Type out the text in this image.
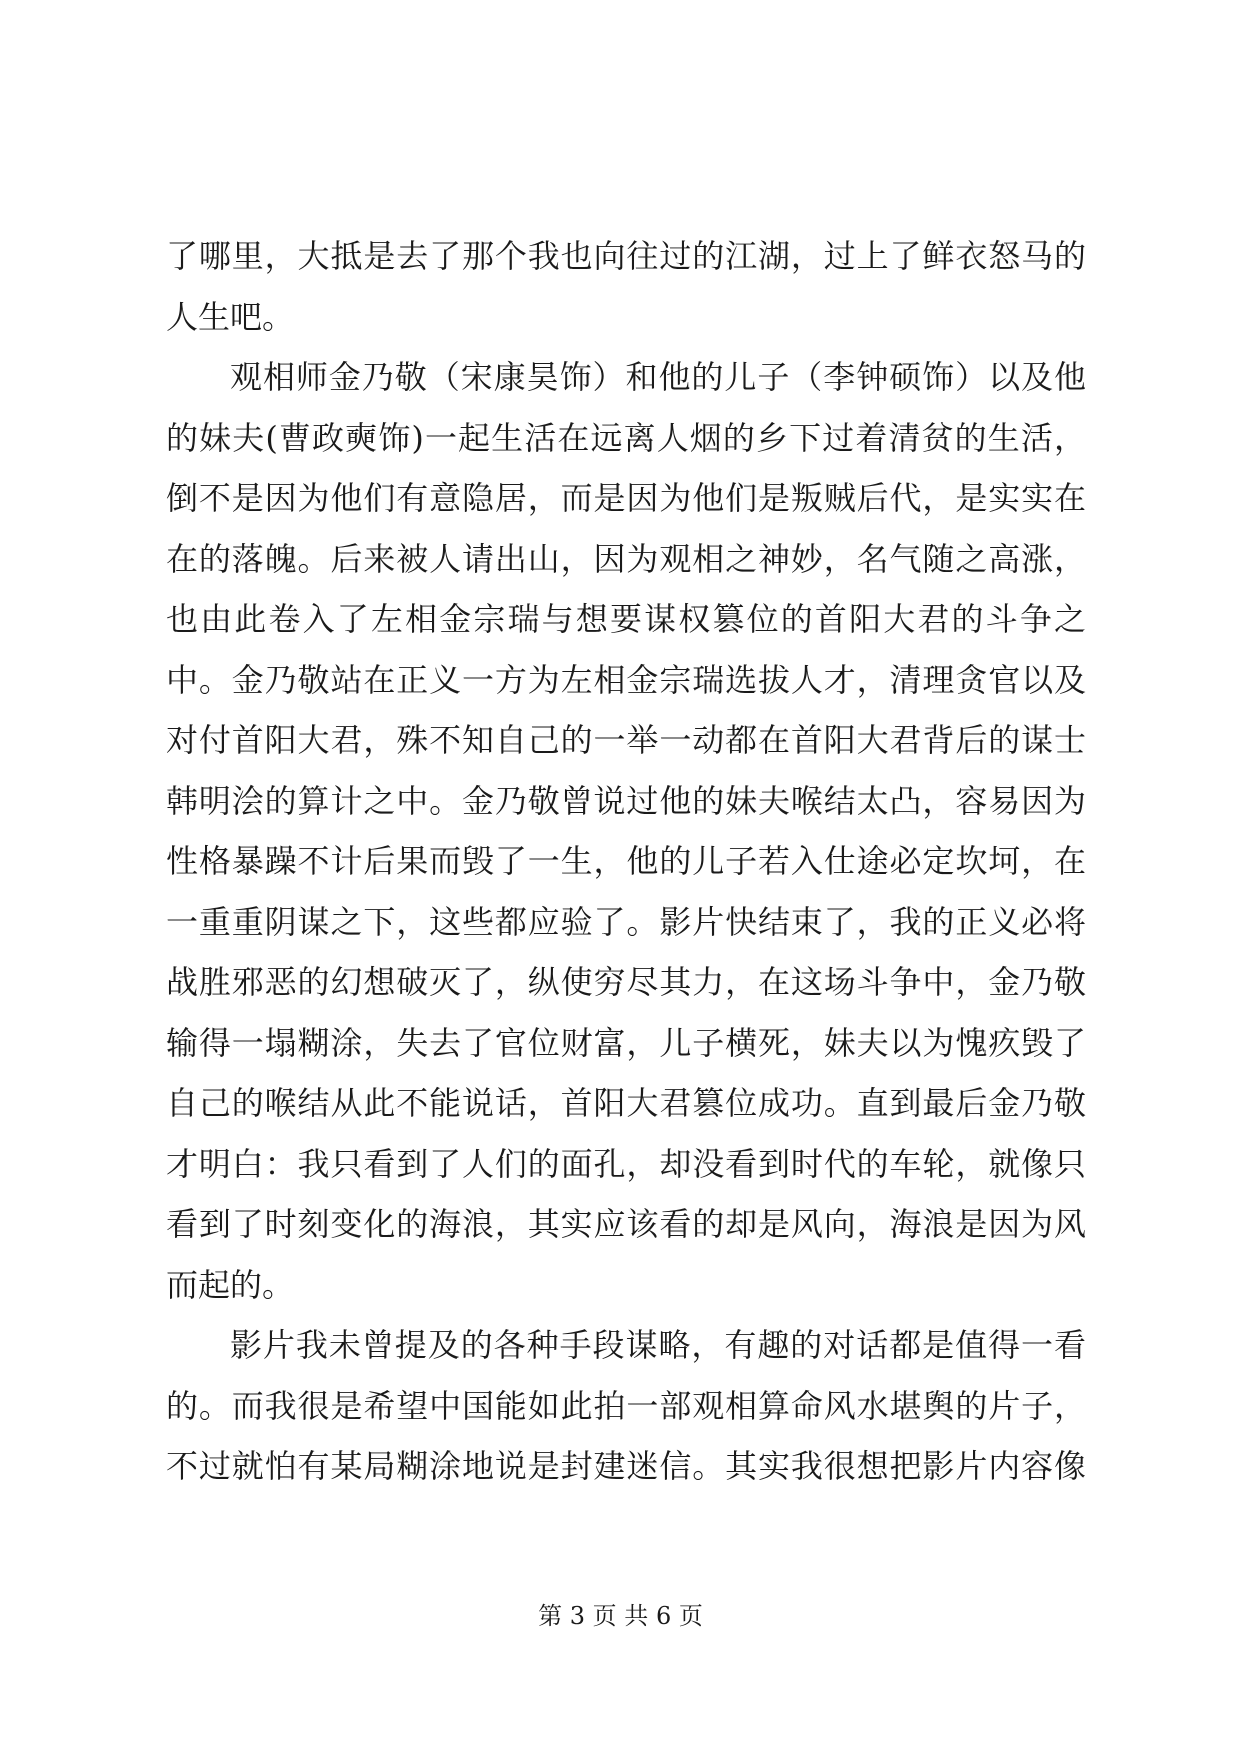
了哪里，大抵是去了那个我也向往过的江湖，过上了鲜衣怒马的
人生吧。
观相师金乃敬（宋康昊饰）和他的儿子（李钟硕饰）以及他
的妹夫(曹政奭饰)一起生活在远离人烟的乡下过着清贫的生活，
倒不是因为他们有意隐居，而是因为他们是叛贼后代，是实实在
在的落魄。后来被人请出山，因为观相之神妙，名气随之高涨，
也由此卷入了左相金宗瑞与想要谋权篡位的首阳大君的斗争之
中。金乃敬站在正义一方为左相金宗瑞选拔人才，清理贪官以及
对付首阳大君，殊不知自己的一举一动都在首阳大君背后的谋士
韩明浍的算计之中。金乃敬曾说过他的妹夫喉结太凸，容易因为
性格暴躁不计后果而毁了一生，他的儿子若入仕途必定坎坷，在
一重重阴谋之下，这些都应验了。影片快结束了，我的正义必将
战胜邪恶的幻想破灭了，纵使穷尽其力，在这场斗争中，金乃敬
输得一塌糊涂，失去了官位财富，儿子横死，妹夫以为愧疚毁了
自己的喉结从此不能说话，首阳大君篡位成功。直到最后金乃敬
才明白：我只看到了人们的面孔，却没看到时代的车轮，就像只
看到了时刻变化的海浪，其实应该看的却是风向，海浪是因为风
而起的。
影片我未曾提及的各种手段谋略，有趣的对话都是值得一看
的。而我很是希望中国能如此拍一部观相算命风水堪舆的片子，
不过就怕有某局糊涂地说是封建迷信。其实我很想把影片内容像
第 3 页 共 6 页
